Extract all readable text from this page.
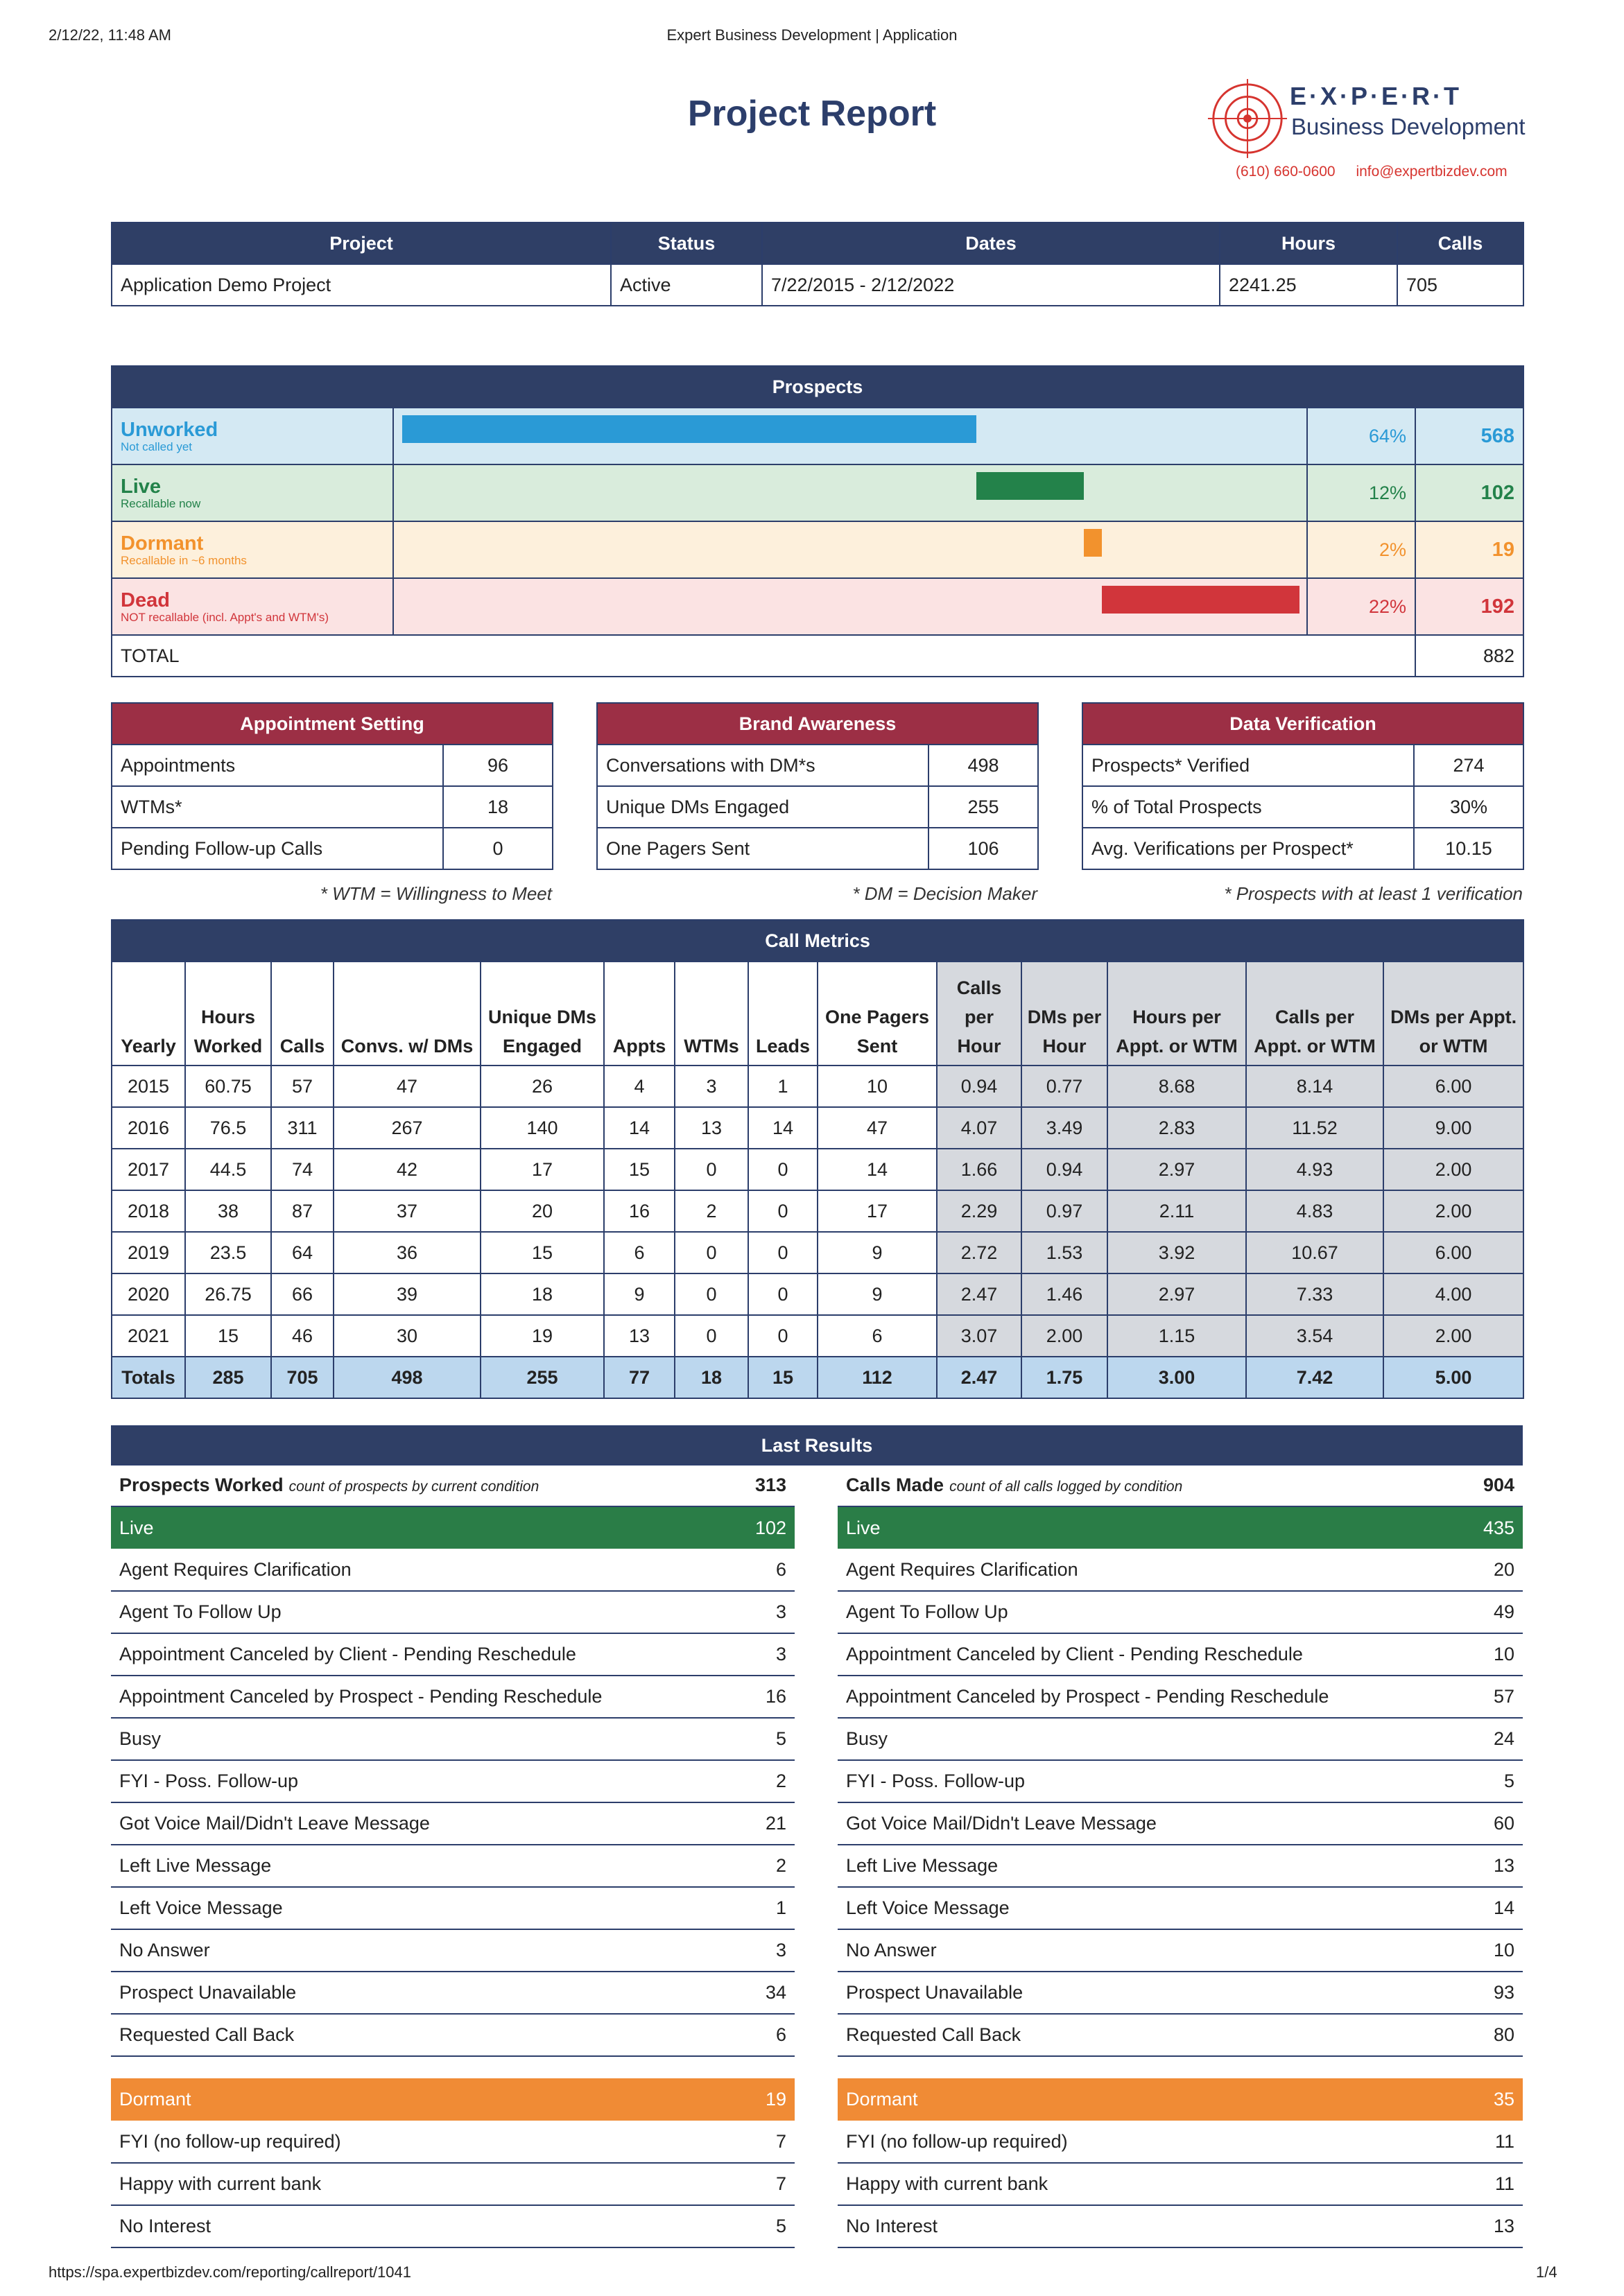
2/12/22, 11:48 AM	Expert Business Development | Application
Project Report	E·X·P·E·R·T
Business Development
(610) 660-0600 info@expertbizdev.com
Project	Status	Dates	Hours	Calls
Application Demo Project	Active	7/22/2015 - 2/12/2022	2241.25	705
Prospects			

Unworked
Not called yet		64%	568

Live
Recallable now		12%	102

Dormant
Recallable in ~6 months		2%	19

Dead
NOT recallable (incl. Appt's and WTM's)		22%	192
TOTAL			882
Appointment Setting	
Appointments	96
WTMs*	18
Pending Follow-up Calls	0
Brand Awareness	
Conversations with DM*s	498
Unique DMs Engaged	255
One Pagers Sent	106
Data Verification	
Prospects* Verified	274
% of Total Prospects	30%
Avg. Verifications per Prospect*	10.15
* WTM = Willingness to Meet	* DM = Decision Maker	* Prospects with at least 1 verification
Call Metrics													
Yearly	Hours Worked	Calls	Convs. w/ DMs	Unique DMs Engaged	Appts	WTMs	Leads	One Pagers Sent	Calls per Hour	DMs per Hour	Hours per Appt. or WTM	Calls per Appt. or WTM	DMs per Appt. or WTM
2015	60.75	57	47	26	4	3	1	10	0.94	0.77	8.68	8.14	6.00
2016	76.5	311	267	140	14	13	14	47	4.07	3.49	2.83	11.52	9.00
2017	44.5	74	42	17	15	0	0	14	1.66	0.94	2.97	4.93	2.00
2018	38	87	37	20	16	2	0	17	2.29	0.97	2.11	4.83	2.00
2019	23.5	64	36	15	6	0	0	9	2.72	1.53	3.92	10.67	6.00
2020	26.75	66	39	18	9	0	0	9	2.47	1.46	2.97	7.33	4.00
2021	15	46	30	19	13	0	0	6	3.07	2.00	1.15	3.54	2.00
Totals	285	705	498	255	77	18	15	112	2.47	1.75	3.00	7.42	5.00
Last Results
Prospects Worked count of prospects by current condition	313
Live	102
Agent Requires Clarification	6
Agent To Follow Up	3
Appointment Canceled by Client - Pending Reschedule	3
Appointment Canceled by Prospect - Pending Reschedule	16
Busy	5
FYI - Poss. Follow-up	2
Got Voice Mail/Didn't Leave Message	21
Left Live Message	2
Left Voice Message	1
No Answer	3
Prospect Unavailable	34
Requested Call Back	6

Dormant	19
FYI (no follow-up required)	7
Happy with current bank	7
No Interest	5
Calls Made count of all calls logged by condition	904
Live	435
Agent Requires Clarification	20
Agent To Follow Up	49
Appointment Canceled by Client - Pending Reschedule	10
Appointment Canceled by Prospect - Pending Reschedule	57
Busy	24
FYI - Poss. Follow-up	5
Got Voice Mail/Didn't Leave Message	60
Left Live Message	13
Left Voice Message	14
No Answer	10
Prospect Unavailable	93
Requested Call Back	80

Dormant	35
FYI (no follow-up required)	11
Happy with current bank	11
No Interest	13
https://spa.expertbizdev.com/reporting/callreport/1041	1/4
